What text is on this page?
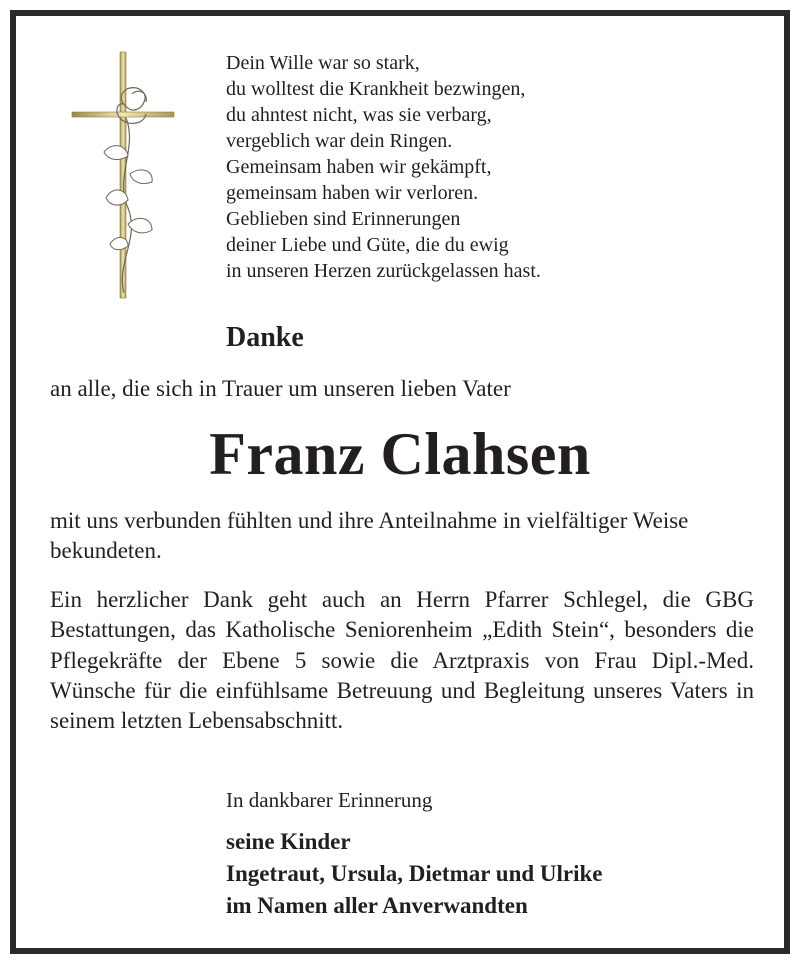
Dein Wille war so stark,
du wolltest die Krankheit bezwingen,
du ahntest nicht, was sie verbarg,
vergeblich war dein Ringen.
Gemeinsam haben wir gekämpft,
gemeinsam haben wir verloren.
Geblieben sind Erinnerungen
deiner Liebe und Güte, die du ewig
in unseren Herzen zurückgelassen hast.
Danke
an alle, die sich in Trauer um unseren lieben Vater
Franz Clahsen

mit uns verbunden fühlten und ihre Anteilnahme in vielfältiger Weise bekundeten.

Ein herzlicher Dank geht auch an Herrn Pfarrer Schlegel, die GBG Bestattungen, das Katholische Seniorenheim „Edith Stein“, besonders die Pflegekräfte der Ebene 5 sowie die Arztpraxis von Frau Dipl.-Med. Wünsche für die einfühlsame Betreuung und Begleitung unseres Vaters in seinem letzten Lebensabschnitt.

In dankbarer Erinnerung
seine Kinder
Ingetraut, Ursula, Dietmar und Ulrike
im Namen aller Anverwandten
